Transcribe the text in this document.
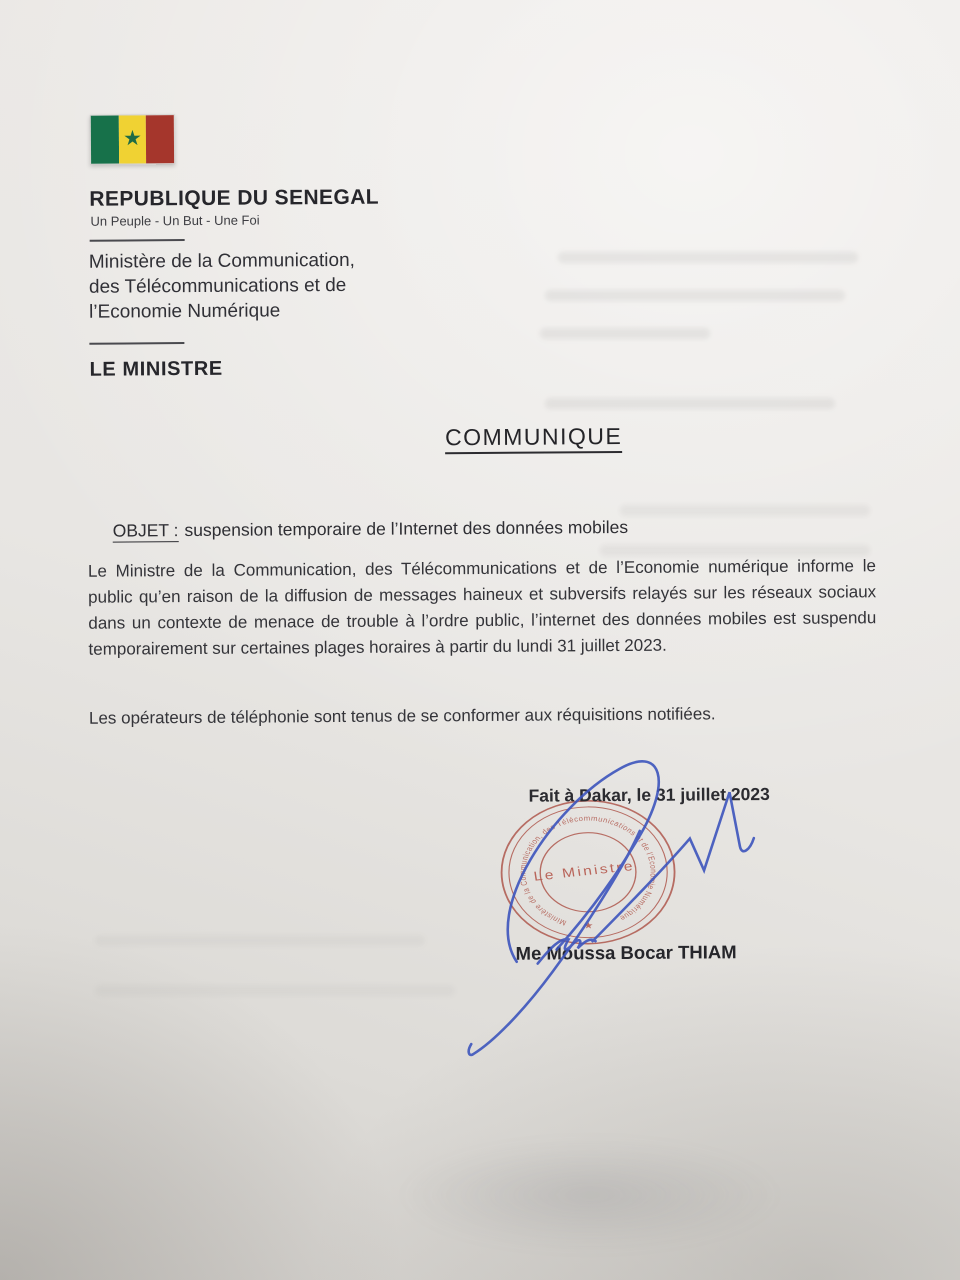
★
REPUBLIQUE DU SENEGAL
Un Peuple - Un But - Une Foi
Ministère de la Communication,
des Télécommunications et de
l’Economie Numérique
LE MINISTRE
COMMUNIQUE
OBJET : suspension temporaire de l’Internet des données mobiles
Le Ministre de la Communication, des Télécommunications et de l’Economie numérique informe le public qu’en raison de la diffusion de messages haineux et subversifs relayés sur les réseaux sociaux dans un contexte de menace de trouble à l’ordre public, l’internet des données mobiles est suspendu temporairement sur certaines plages horaires à partir du lundi 31 juillet 2023.
Les opérateurs de téléphonie sont tenus de se conformer aux réquisitions notifiées.
Fait à Dakar, le 31 juillet 2023
Ministère de la Communication, des Télécommunications et de l’Economie Numérique
Le Ministre
★
Me Moussa Bocar THIAM
